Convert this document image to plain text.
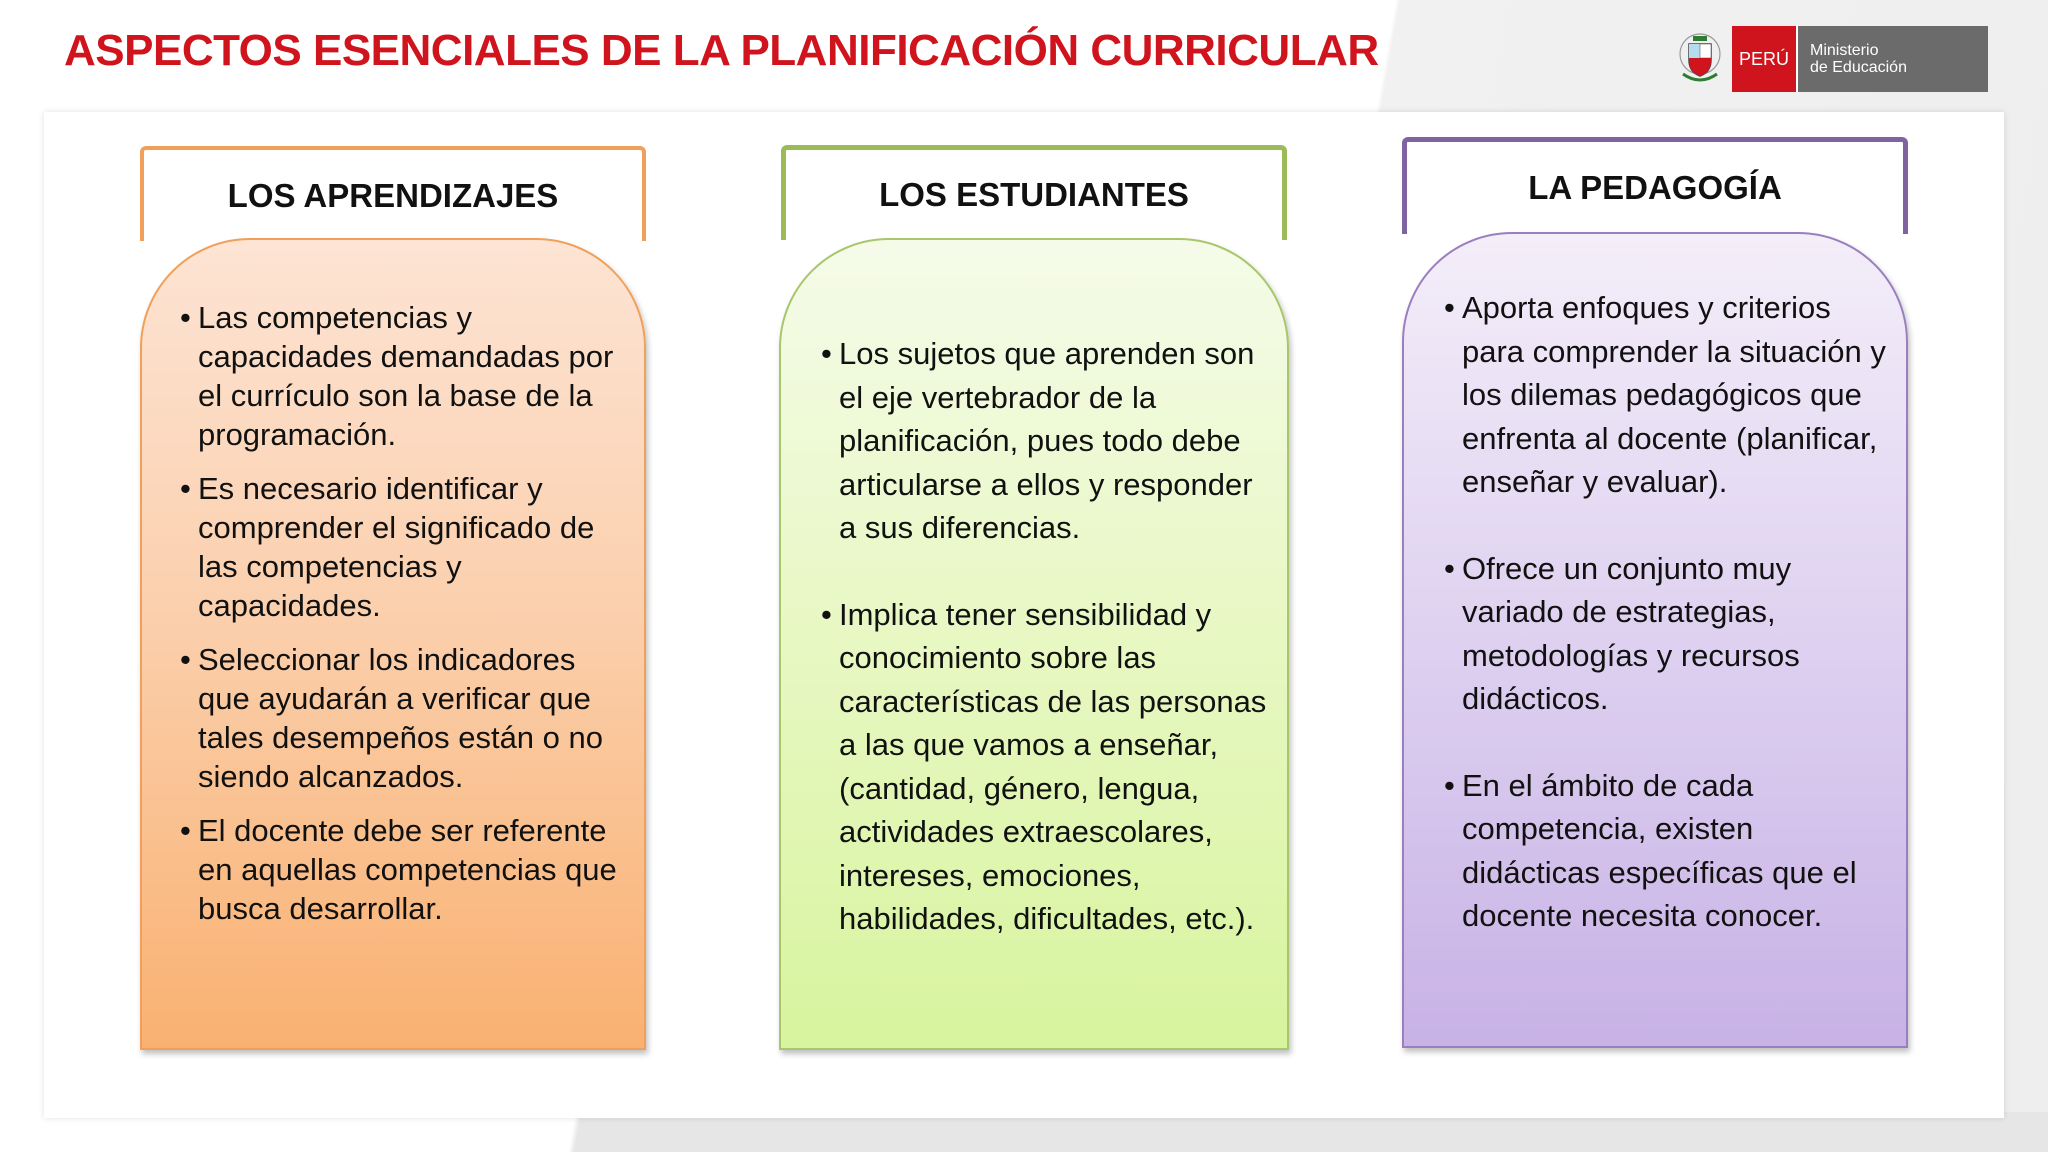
ASPECTOS ESENCIALES DE LA PLANIFICACIÓN CURRICULAR	PERÚ	Ministerio
de Educación
LOS APRENDIZAJES
• Las competencias y capacidades demandadas por el currículo son la base de la programación.
• Es necesario identificar y comprender el significado de las competencias y capacidades.
• Seleccionar los indicadores que ayudarán a verificar que tales desempeños están o no siendo alcanzados.
• El docente debe ser referente en aquellas competencias que busca desarrollar.
LOS ESTUDIANTES
• Los sujetos que aprenden son el eje vertebrador de la planificación, pues todo debe articularse a ellos y responder a sus diferencias.
• Implica tener sensibilidad y conocimiento sobre las características de las personas a las que vamos a enseñar, (cantidad, género, lengua, actividades extraescolares, intereses, emociones, habilidades, dificultades, etc.).
LA PEDAGOGÍA
• Aporta enfoques y criterios para comprender la situación y los dilemas pedagógicos que enfrenta al docente (planificar, enseñar y evaluar).
• Ofrece un conjunto muy variado de estrategias, metodologías y recursos didácticos.
• En el ámbito de cada competencia, existen didácticas específicas que el docente necesita conocer.
